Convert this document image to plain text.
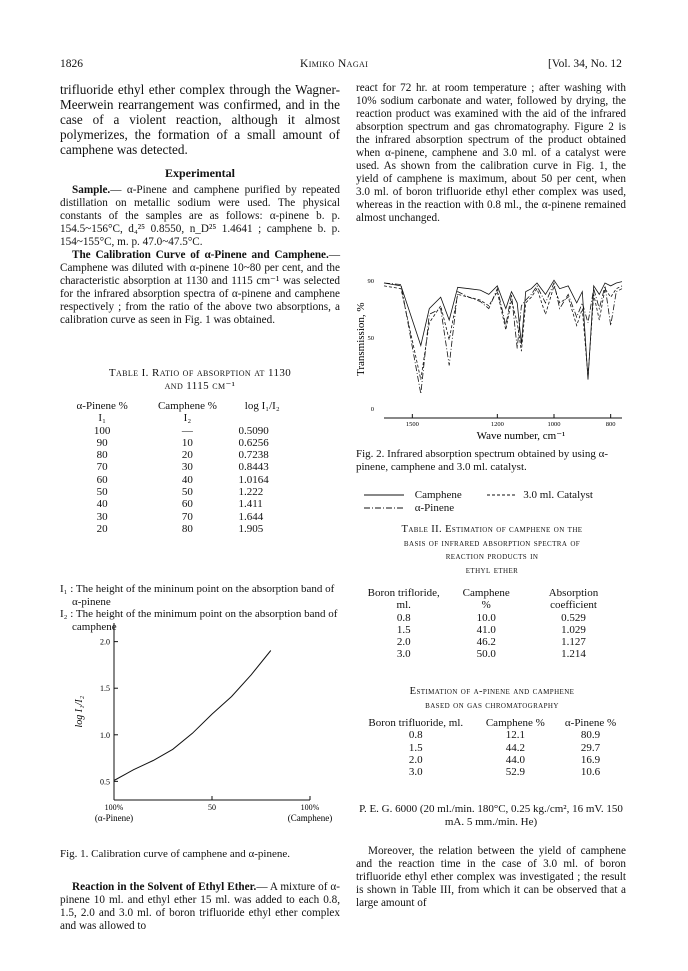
1826	Kimiko Nagai	[Vol. 34, No. 12

trifluoride ethyl ether complex through the Wagner-Meerwein rearrangement was confirmed, and in the case of a violent reaction, although it almost polymerizes, the formation of a small amount of camphene was detected.

Experimental

Sample.— α-Pinene and camphene purified by repeated distillation on metallic sodium were used. The physical constants of the samples are as follows: α-pinene b. p. 154.5~156°C, d₄²⁵ 0.8550, n_D²⁵ 1.4641 ; camphene b. p. 154~155°C, m. p. 47.0~47.5°C.

The Calibration Curve of α-Pinene and Camphene.—Camphene was diluted with α-pinene 10~80 per cent, and the characteristic absorption at 1130 and 1115 cm⁻¹ was selected for the infrared absorption spectra of α-pinene and camphene respectively ; from the ratio of the above two absorptions, a calibration curve as seen in Fig. 1 was obtained.

Table I. Ratio of absorption at 1130
and 1115 cm⁻¹
α-Pinene %	Camphene %	log I₁/I₂
I₁	I₂	
100	—	0.5090
90	10	0.6256
80	20	0.7238
70	30	0.8443
60	40	1.0164
50	50	1.222
40	60	1.411
30	70	1.644
20	80	1.905
I₁ : The height of the mininum point on the absorption band of α-pinene
I₂ : The height of the minimum point on the absorption band of camphene
0.5
1.0
1.5
2.0
100%	50	100%
(α-Pinene)	(Camphene)
log I₁/I₂
Fig. 1. Calibration curve of camphene and α-pinene.

Reaction in the Solvent of Ethyl Ether.— A mixture of α-pinene 10 ml. and ethyl ether 15 ml. was added to each 0.8, 1.5, 2.0 and 3.0 ml. of boron trifluoride ethyl ether complex and was allowed to

react for 72 hr. at room temperature ; after washing with 10% sodium carbonate and water, followed by drying, the reaction product was examined with the aid of the infrared absorption spectrum and gas chromatography. Figure 2 is the infrared absorption spectrum of the product obtained when α-pinene, camphene and 3.0 ml. of a catalyst were used. As shown from the calibration curve in Fig. 1, the yield of camphene is maximum, about 50 per cent, when 3.0 ml. of boron trifluoride ethyl ether complex was used, whereas in the reaction with 0.8 ml., the α-pinene remained almost unchanged.

1500	1200	1000	800
Wave number, cm⁻¹
0
50
90
Transmission, %
Fig. 2. Infrared absorption spectrum obtained by using α-pinene, camphene and 3.0 ml. catalyst.
Camphene	3.0 ml. Catalyst
α-Pinene
Table II. Estimation of camphene on the
basis of infrared absorption spectra of
reaction products in
ethyl ether
Boron trifloride, ml.	Camphene %	Absorption coefficient
0.8	10.0	0.529
1.5	41.0	1.029
2.0	46.2	1.127
3.0	50.0	1.214
Estimation of α-pinene and camphene
based on gas chromatography
Boron trifluoride, ml.	Camphene %	α-Pinene %
0.8	12.1	80.9
1.5	44.2	29.7
2.0	44.0	16.9
3.0	52.9	10.6
P. E. G. 6000 (20 ml./min. 180°C, 0.25 kg./cm², 16 mV. 150 mA. 5 mm./min. He)

Moreover, the relation between the yield of camphene and the reaction time in the case of 3.0 ml. of boron trifluoride ethyl ether complex was investigated ; the result is shown in Table III, from which it can be observed that a large amount of
